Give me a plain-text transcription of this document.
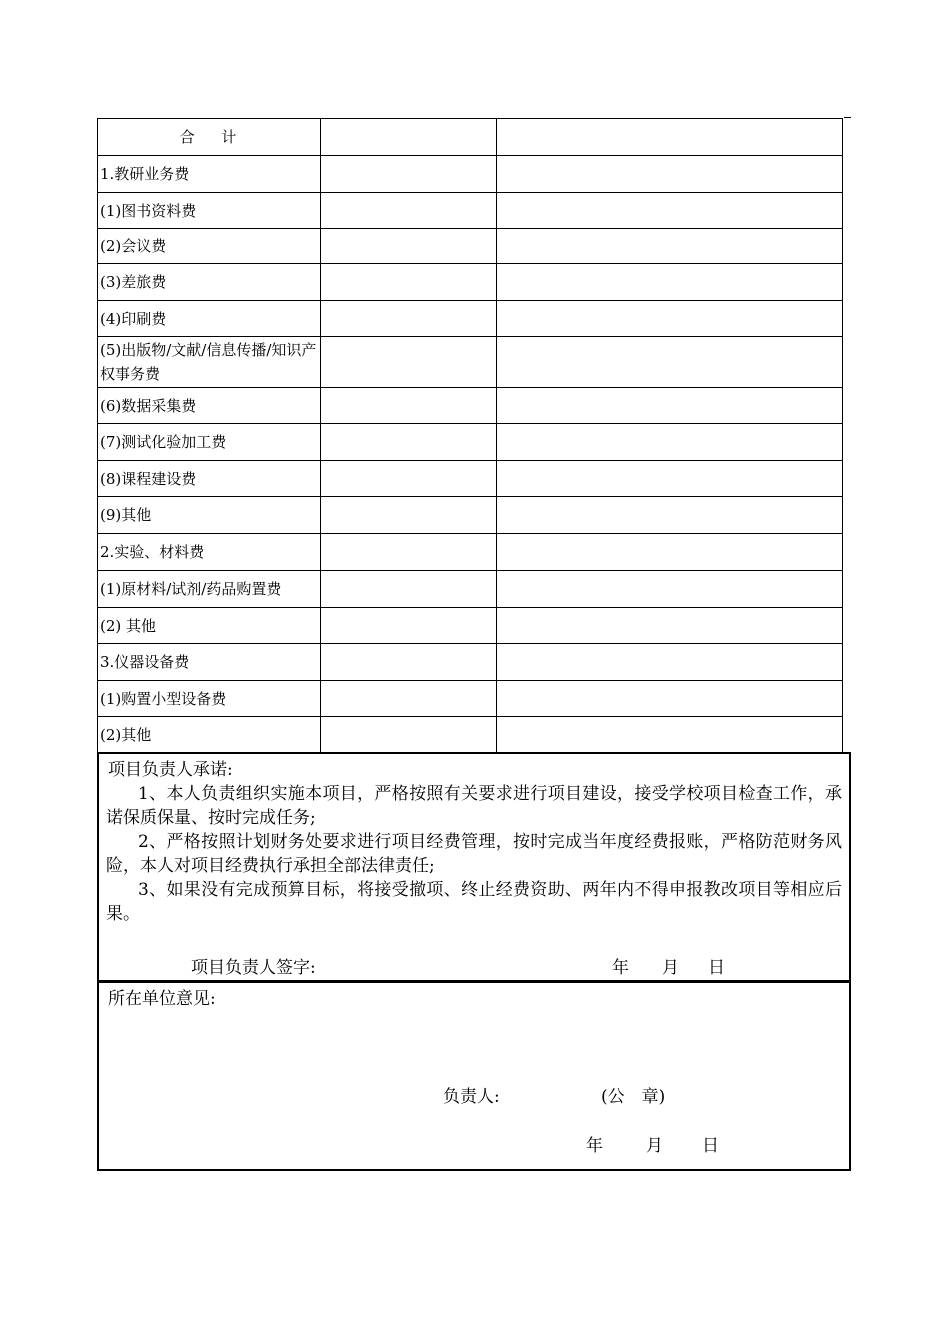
合 计		
1.教研业务费		
(1)图书资料费		
(2)会议费		
(3)差旅费		
(4)印刷费		
(5)出版物/文献/信息传播/知识产权事务费		
(6)数据采集费		
(7)测试化验加工费		
(8)课程建设费		
(9)其他		
2.实验、材料费		
(1)原材料/试剂/药品购置费		
(2) 其他		
3.仪器设备费		
(1)购置小型设备费		
(2)其他		
项目负责人承诺:
1、本人负责组织实施本项目，严格按照有关要求进行项目建设，接受学校项目检查工作，承诺保质保量、按时完成任务;
2、严格按照计划财务处要求进行项目经费管理，按时完成当年度经费报账，严格防范财务风险，本人对项目经费执行承担全部法律责任;
3、如果没有完成预算目标，将接受撤项、终止经费资助、两年内不得申报教改项目等相应后果。
项目负责人签字:	年 月 日
所在单位意见:
负责人:	(公　章)
年	月 日
